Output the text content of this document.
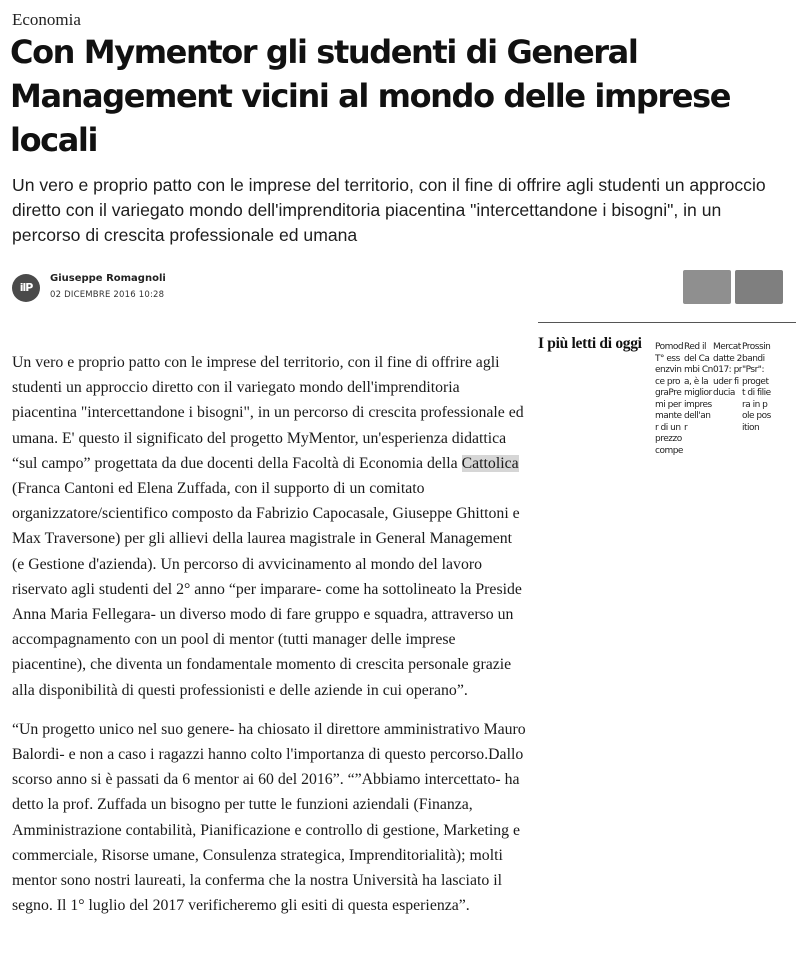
Economia
Con Mymentor gli studenti di General Management vicini al mondo delle imprese locali

Un vero e proprio patto con le imprese del territorio, con il fine di offrire agli studenti un approccio diretto con il variegato mondo dell'imprenditoria piacentina "intercettandone i bisogni", in un percorso di crescita professionale ed umana

ilP
Giuseppe Romagnoli
02 DICEMBRE 2016 10:28
I più letti di oggi PomodT° essenzvince prograPremi per manter di un prezzo compe
Red il del Cambi Cna, è la miglior impres dell'anr
Mercat datte 2017: pruder fiducia
Prossin bandi "Psr": progett di filiera in pole position

Un vero e proprio patto con le imprese del territorio, con il fine di offrire agli studenti un approccio diretto con il variegato mondo dell'imprenditoria piacentina "intercettandone i bisogni", in un percorso di crescita professionale ed umana. E' questo il significato del progetto MyMentor, un'esperienza didattica “sul campo” progettata da due docenti della Facoltà di Economia della Cattolica (Franca Cantoni ed Elena Zuffada, con il supporto di un comitato organizzatore/scientifico composto da Fabrizio Capocasale, Giuseppe Ghittoni e Max Traversone) per gli allievi della laurea magistrale in General Management (e Gestione d'azienda). Un percorso di avvicinamento al mondo del lavoro riservato agli studenti del 2° anno “per imparare- come ha sottolineato la Preside Anna Maria Fellegara- un diverso modo di fare gruppo e squadra, attraverso un accompagnamento con un pool di mentor (tutti manager delle imprese piacentine), che diventa un fondamentale momento di crescita personale grazie alla disponibilità di questi professionisti e delle aziende in cui operano”.

“Un progetto unico nel suo genere- ha chiosato il direttore amministrativo Mauro Balordi- e non a caso i ragazzi hanno colto l'importanza di questo percorso.Dallo scorso anno si è passati da 6 mentor ai 60 del 2016”. “”Abbiamo intercettato- ha detto la prof. Zuffada un bisogno per tutte le funzioni aziendali (Finanza, Amministrazione contabilità, Pianificazione e controllo di gestione, Marketing e commerciale, Risorse umane, Consulenza strategica, Imprenditorialità); molti mentor sono nostri laureati, la conferma che la nostra Università ha lasciato il segno. Il 1° luglio del 2017 verificheremo gli esiti di questa esperienza”.
